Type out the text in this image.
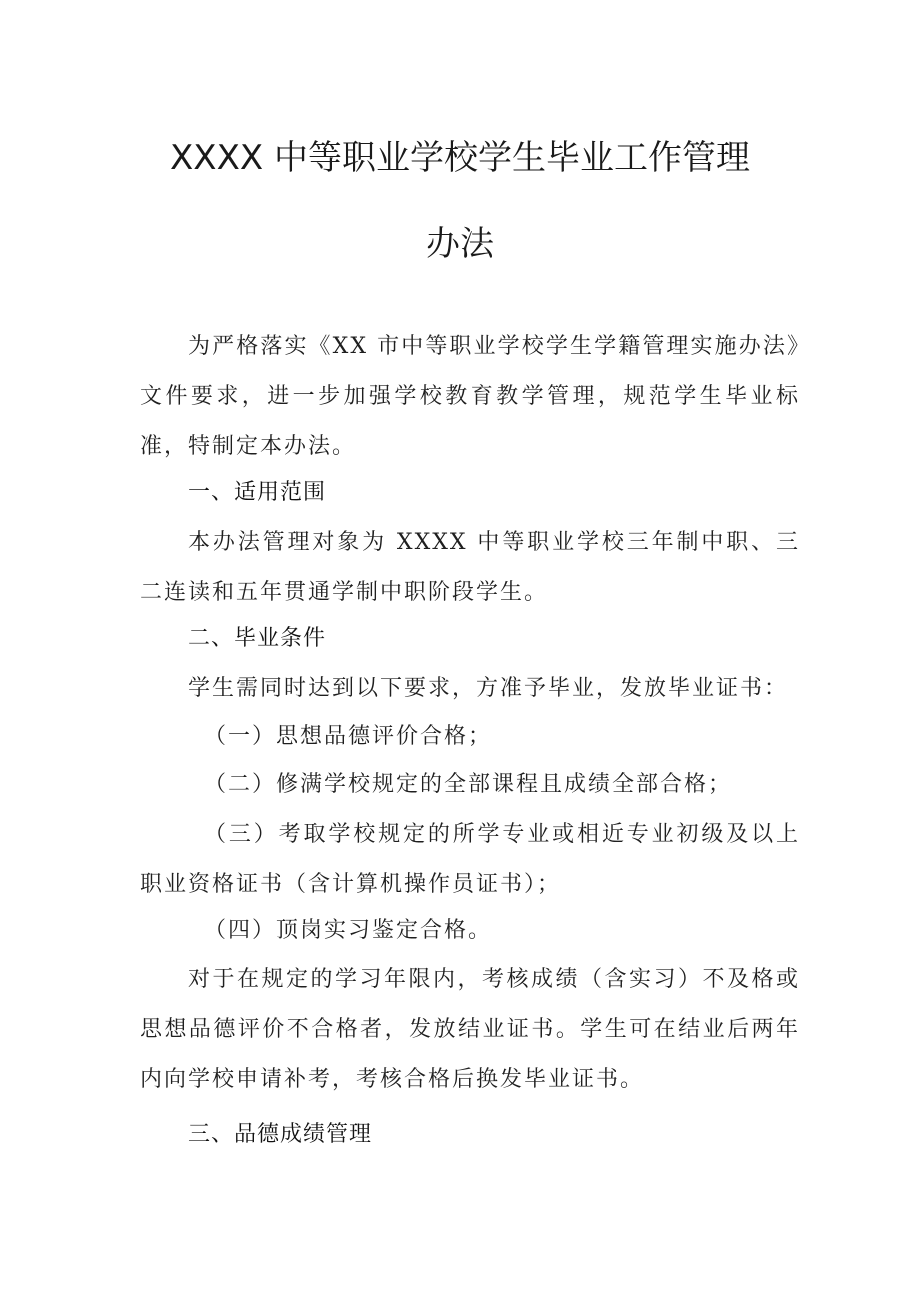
XXXX 中等职业学校学生毕业工作管理
办法

为严格落实《XX 市中等职业学校学生学籍管理实施办法》文件要求，进一步加强学校教育教学管理，规范学生毕业标准，特制定本办法。

一、适用范围

本办法管理对象为 XXXX 中等职业学校三年制中职、三二连读和五年贯通学制中职阶段学生。

二、毕业条件

学生需同时达到以下要求，方准予毕业，发放毕业证书：

（一）思想品德评价合格；
（二）修满学校规定的全部课程且成绩全部合格；

（三）考取学校规定的所学专业或相近专业初级及以上职业资格证书（含计算机操作员证书）；

（四）顶岗实习鉴定合格。

对于在规定的学习年限内，考核成绩（含实习）不及格或思想品德评价不合格者，发放结业证书。学生可在结业后两年内向学校申请补考，考核合格后换发毕业证书。

三、品德成绩管理
